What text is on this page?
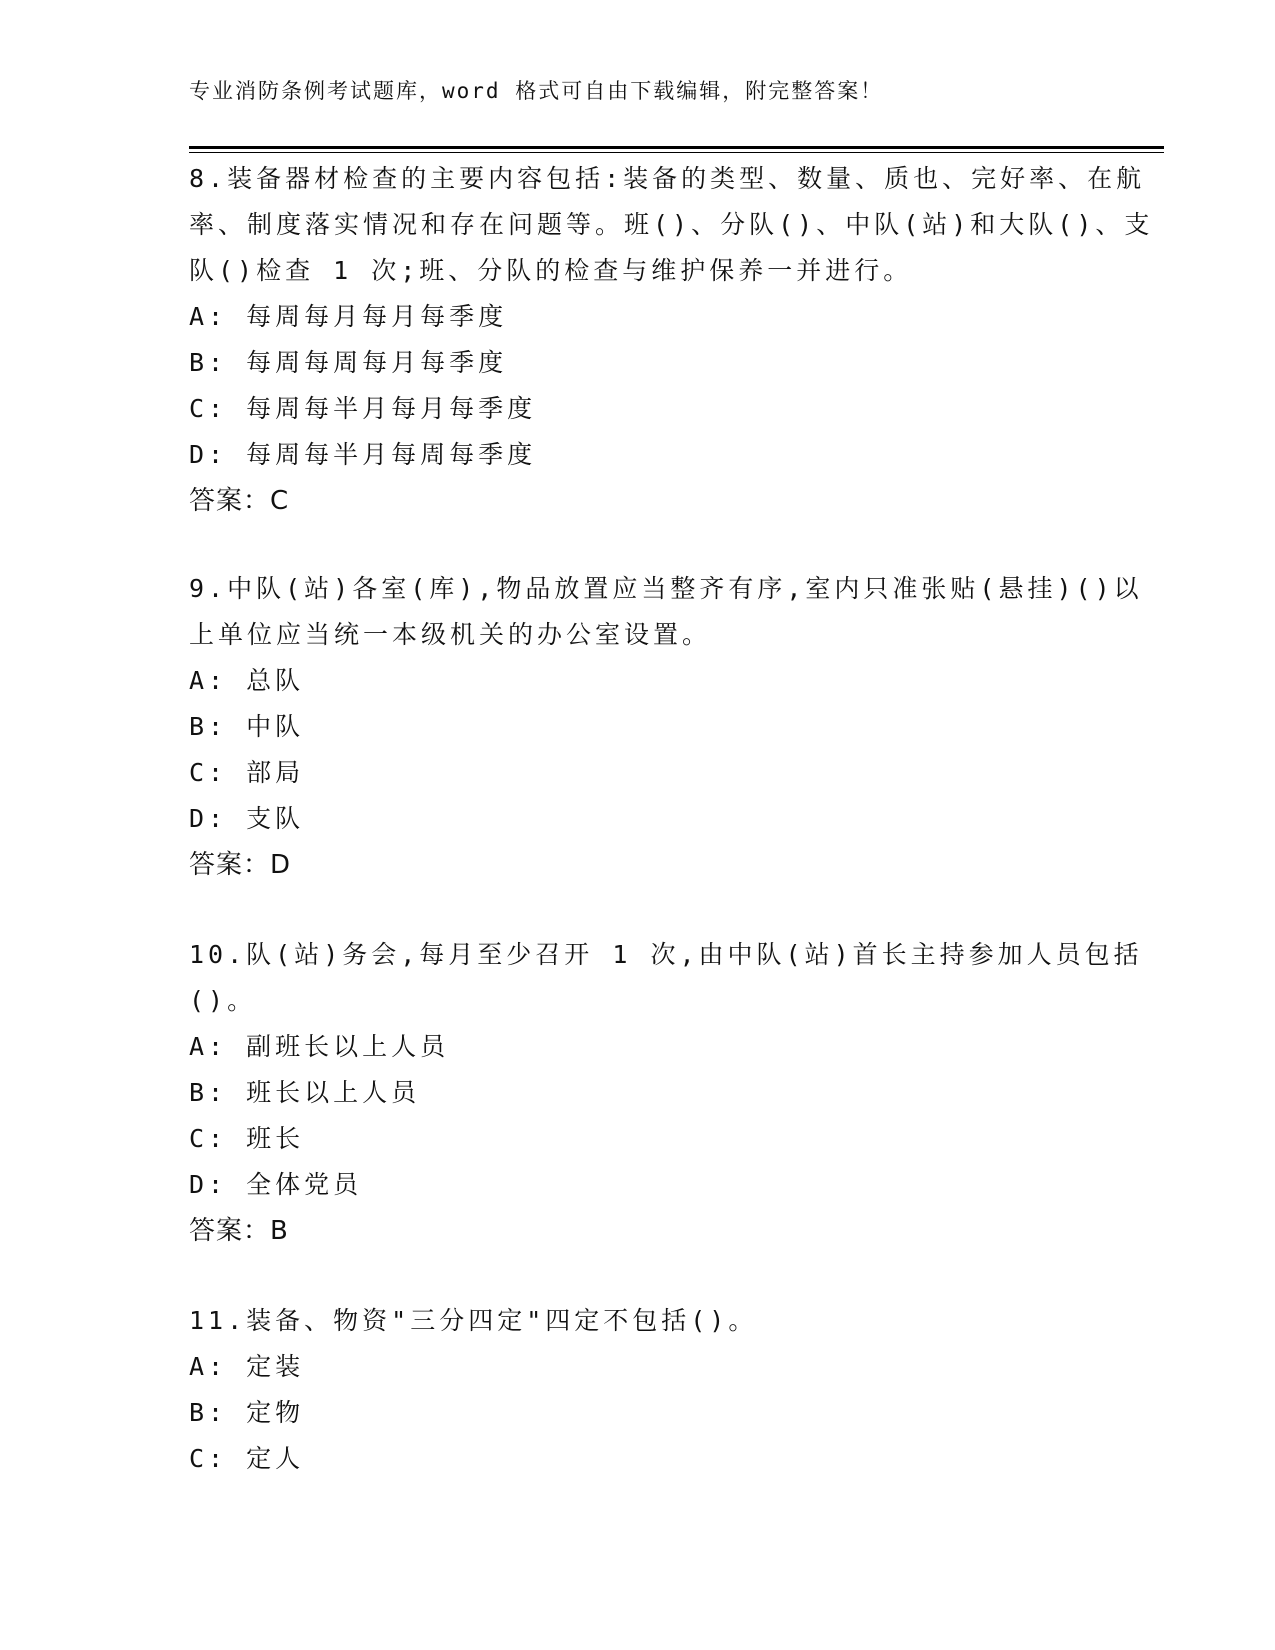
专业消防条例考试题库，word 格式可自由下载编辑，附完整答案！

8.装备器材检查的主要内容包括:装备的类型、数量、质也、完好率、在航率、制度落实情况和存在问题等。班()、分队()、中队(站)和大队()、支队()检查 1 次;班、分队的检查与维护保养一并进行。

A: 每周每月每月每季度
B: 每周每周每月每季度
C: 每周每半月每月每季度
D: 每周每半月每周每季度
答案：C

9.中队(站)各室(库),物品放置应当整齐有序,室内只准张贴(悬挂)()以上单位应当统一本级机关的办公室设置。

A: 总队
B: 中队
C: 部局
D: 支队
答案：D

10.队(站)务会,每月至少召开 1 次,由中队(站)首长主持参加人员包括()。

A: 副班长以上人员
B: 班长以上人员
C: 班长
D: 全体党员
答案：B

11.装备、物资"三分四定"四定不包括()。

A: 定装
B: 定物
C: 定人
